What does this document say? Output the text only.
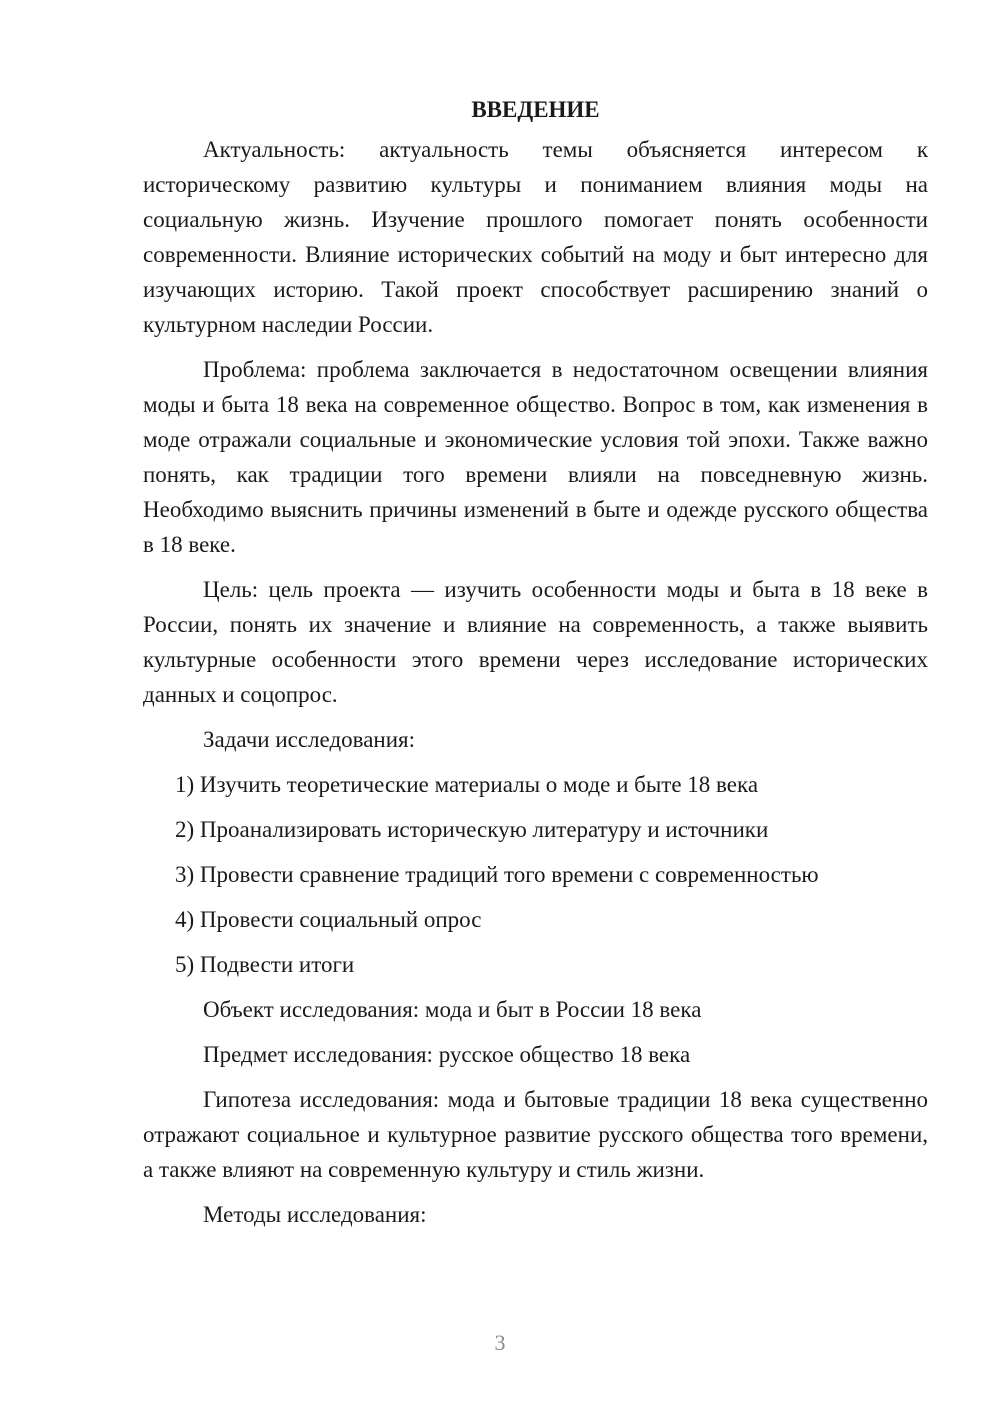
ВВЕДЕНИЕ

Актуальность: актуальность темы объясняется интересом к историческому развитию культуры и пониманием влияния моды на социальную жизнь. Изучение прошлого помогает понять особенности современности. Влияние исторических событий на моду и быт интересно для изучающих историю. Такой проект способствует расширению знаний о культурном наследии России.

Проблема: проблема заключается в недостаточном освещении влияния моды и быта 18 века на современное общество. Вопрос в том, как изменения в моде отражали социальные и экономические условия той эпохи. Также важно понять, как традиции того времени влияли на повседневную жизнь. Необходимо выяснить причины изменений в быте и одежде русского общества в 18 веке.

Цель: цель проекта — изучить особенности моды и быта в 18 веке в России, понять их значение и влияние на современность, а также выявить культурные особенности этого времени через исследование исторических данных и соцопрос.

Задачи исследования:

1) Изучить теоретические материалы о моде и быте 18 века
2) Проанализировать историческую литературу и источники
3) Провести сравнение традиций того времени с современностью
4) Провести социальный опрос
5) Подвести итоги

Объект исследования: мода и быт в России 18 века

Предмет исследования: русское общество 18 века

Гипотеза исследования: мода и бытовые традиции 18 века существенно отражают социальное и культурное развитие русского общества того времени, а также влияют на современную культуру и стиль жизни.

Методы исследования:

3
